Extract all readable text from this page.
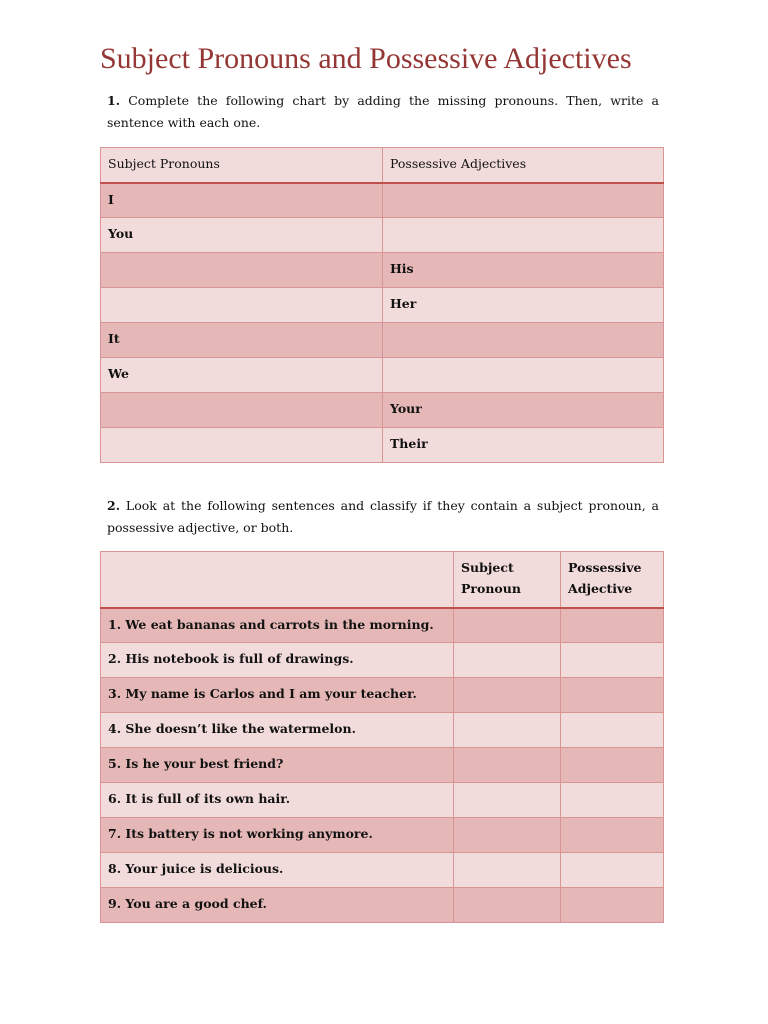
Subject Pronouns and Possessive Adjectives

1. Complete the following chart by adding the missing pronouns. Then, write a sentence with each one.

Subject Pronouns	Possessive Adjectives
I	
You	
	His
	Her
It	
We	
	Your
	Their

2. Look at the following sentences and classify if they contain a subject pronoun, a possessive adjective, or both.

	Subject Pronoun	Possessive Adjective
1. We eat bananas and carrots in the morning.		
2. His notebook is full of drawings.		
3. My name is Carlos and I am your teacher.		
4. She doesn’t like the watermelon.		
5. Is he your best friend?		
6. It is full of its own hair.		
7. Its battery is not working anymore.		
8. Your juice is delicious.		
9. You are a good chef.		
